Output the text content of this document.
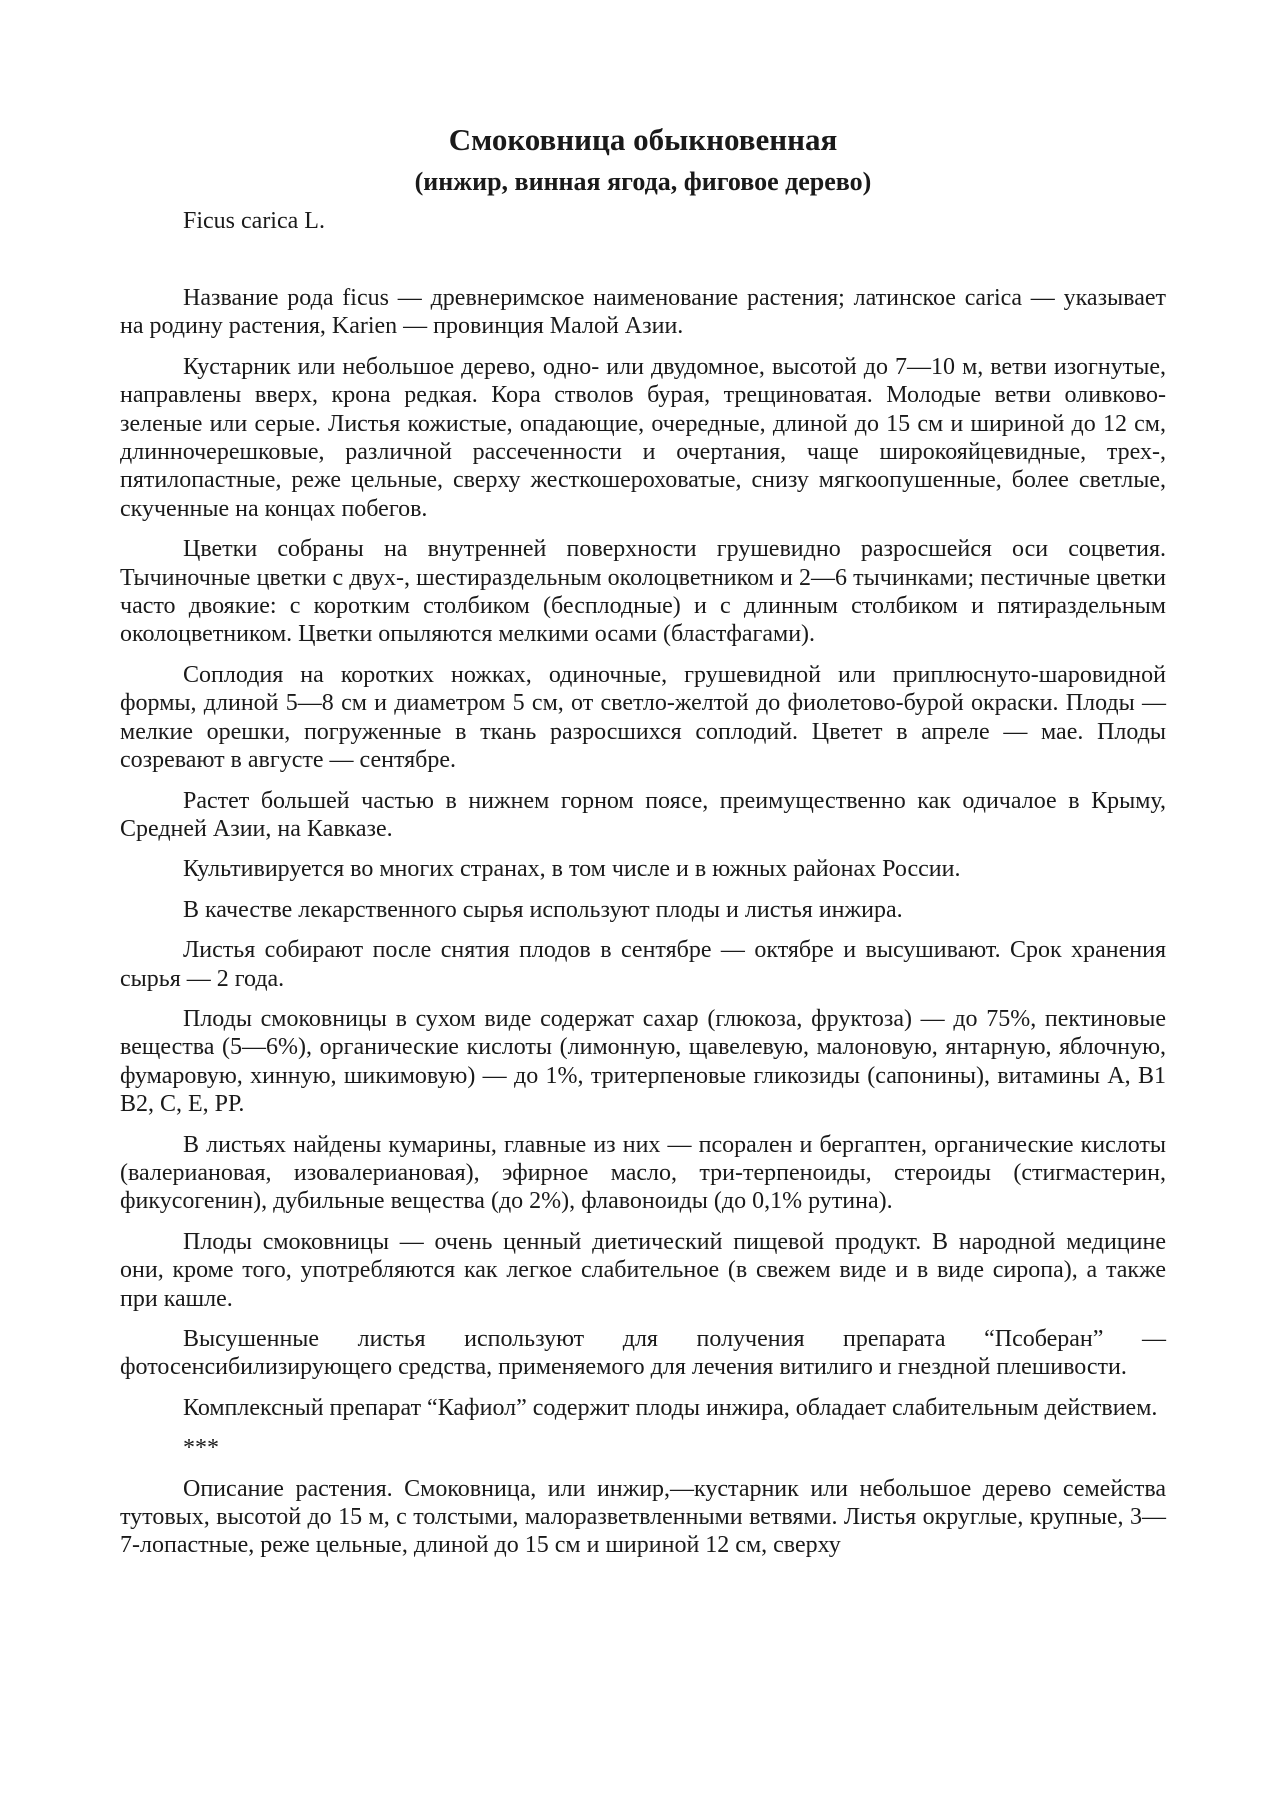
Смоковница обыкновенная
(инжир, винная ягода, фиговое дерево)
Ficus carica L.

Название рода ficus — древнеримское наименование растения; латинское carica — указывает на родину растения, Karien — провинция Малой Азии.

Кустарник или небольшое дерево, одно- или двудомное, высотой до 7—10 м, ветви изогнутые, направлены вверх, крона редкая. Кора стволов бурая, трещиноватая. Молодые ветви оливково-зеленые или серые. Листья кожистые, опадающие, очередные, длиной до 15 см и шириной до 12 см, длинночерешковые, различной рассеченности и очертания, чаще широкояйцевидные, трех-, пятилопастные, реже цельные, сверху жесткошероховатые, снизу мягкоопушенные, более светлые, скученные на концах побегов.

Цветки собраны на внутренней поверхности грушевидно разросшейся оси соцветия. Тычиночные цветки с двух-, шестираздельным околоцветником и 2—6 тычинками; пестичные цветки часто двоякие: с коротким столбиком (бесплодные) и с длинным столбиком и пятираздельным околоцветником. Цветки опыляются мелкими осами (бластфагами).

Соплодия на коротких ножках, одиночные, грушевидной или приплюснуто-шаровидной формы, длиной 5—8 см и диаметром 5 см, от светло-желтой до фиолетово-бурой окраски. Плоды — мелкие орешки, погруженные в ткань разросшихся соплодий. Цветет в апреле — мае. Плоды созревают в августе — сентябре.

Растет большей частью в нижнем горном поясе, преимущественно как одичалое в Крыму, Средней Азии, на Кавказе.

Культивируется во многих странах, в том числе и в южных районах России.

В качестве лекарственного сырья используют плоды и листья инжира.

Листья собирают после снятия плодов в сентябре — октябре и высушивают. Срок хранения сырья — 2 года.

Плоды смоковницы в сухом виде содержат сахар (глюкоза, фруктоза) — до 75%, пектиновые вещества (5—6%), органические кислоты (лимонную, щавелевую, малоновую, янтарную, яблочную, фумаровую, хинную, шикимовую) — до 1%, тритерпеновые гликозиды (сапонины), витамины А, В1 В2, С, Е, РР.

В листьях найдены кумарины, главные из них — псорален и бергаптен, органические кислоты (валериановая, изовалериановая), эфирное масло, три-терпеноиды, стероиды (стигмастерин, фикусогенин), дубильные вещества (до 2%), флавоноиды (до 0,1% рутина).

Плоды смоковницы — очень ценный диетический пищевой продукт. В народной медицине они, кроме того, употребляются как легкое слабительное (в свежем виде и в виде сиропа), а также при кашле.

Высушенные листья используют для получения препарата “Псоберан” — фотосенсибилизирующего средства, применяемого для лечения витилиго и гнездной плешивости.

Комплексный препарат “Кафиол” содержит плоды инжира, обладает слабительным действием.

***

Описание растения. Смоковница, или инжир,—кустарник или небольшое дерево семейства тутовых, высотой до 15 м, с толстыми, малоразветвленными ветвями. Листья округлые, крупные, 3—7-лопастные, реже цельные, длиной до 15 см и шириной 12 см, сверху
